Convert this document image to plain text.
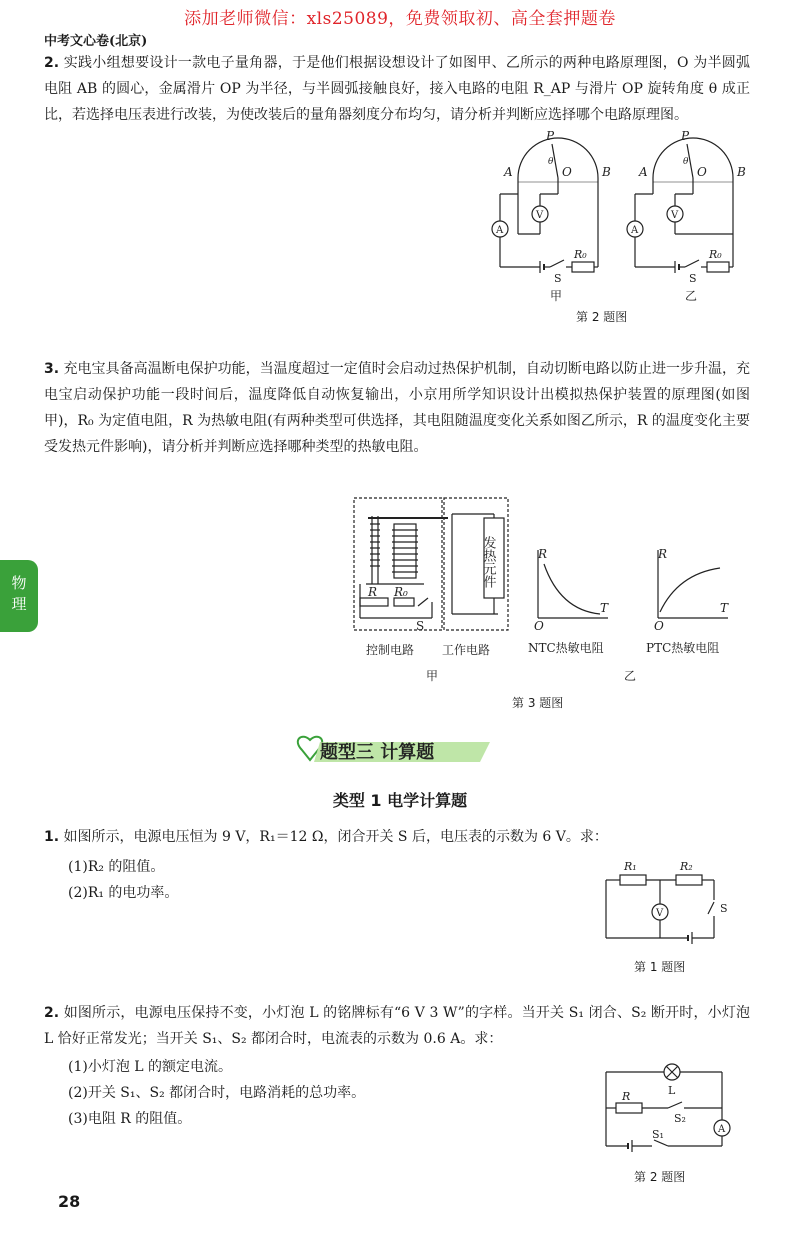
添加老师微信：xls25089，免费领取初、高全套押题卷
中考文心卷(北京)
物理
2. 实践小组想要设计一款电子量角器，于是他们根据设想设计了如图甲、乙所示的两种电路原理图，O 为半圆弧电阻 AB 的圆心，金属滑片 OP 为半径，与半圆弧接触良好，接入电路的电阻 R_AP 与滑片 OP 旋转角度 θ 成正比，若选择电压表进行改装，为使改装后的量角器刻度分布均匀，请分析并判断应选择哪个电路原理图。
P
A	B
O
θ
A
V
R₀
S
甲
P
A	B
O
θ
A
V
R₀
S
乙
第 2 题图
3. 充电宝具备高温断电保护功能，当温度超过一定值时会启动过热保护机制，自动切断电路以防止进一步升温，充电宝启动保护功能一段时间后，温度降低自动恢复输出，小京用所学知识设计出模拟热保护装置的原理图(如图甲)，R₀ 为定值电阻，R 为热敏电阻(有两种类型可供选择，其电阻随温度变化关系如图乙所示，R 的温度变化主要受发热元件影响)，请分析并判断应选择哪种类型的热敏电阻。
发热元件
R R₀
S
控制电路 工作电路
甲
R
T
O
NTC热敏电阻
R
T
O
PTC热敏电阻
乙
第 3 题图
题型三 计算题
类型 1 电学计算题
1. 如图所示，电源电压恒为 9 V，R₁＝12 Ω，闭合开关 S 后，电压表的示数为 6 V。求：
(1)R₂ 的阻值。
(2)R₁ 的电功率。
R₁	R₂
V	S
第 1 题图
2. 如图所示，电源电压保持不变，小灯泡 L 的铭牌标有“6 V 3 W”的字样。当开关 S₁ 闭合、S₂ 断开时，小灯泡 L 恰好正常发光；当开关 S₁、S₂ 都闭合时，电流表的示数为 0.6 A。求：
(1)小灯泡 L 的额定电流。
(2)开关 S₁、S₂ 都闭合时，电路消耗的总功率。
(3)电阻 R 的阻值。
L
R
S₂
S₁	A
第 2 题图
28
